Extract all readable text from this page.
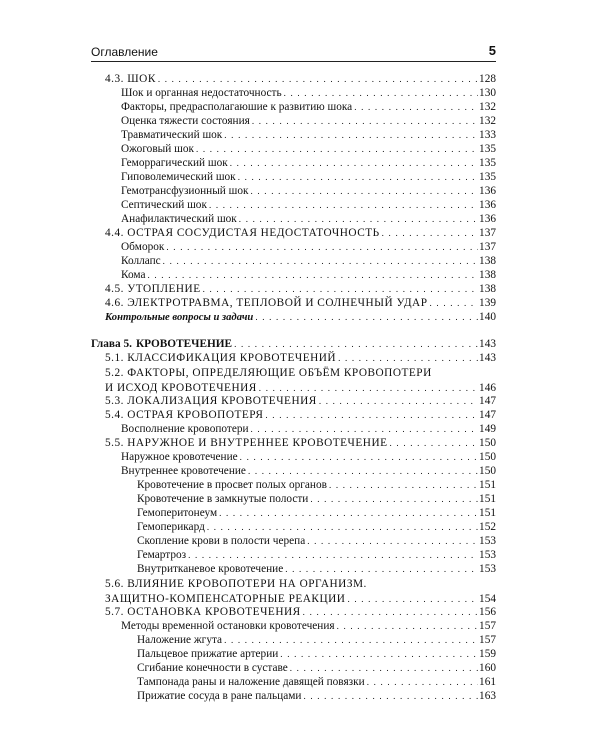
Оглавление	5
4.3. ШОК . . .	128
Шок и органная недостаточность . . .	130
Факторы, предрасполагаюшие к развитию шока . . .	132
Оценка тяжести состояния . . .	132
Травматический шок . . .	133
Ожоговый шок . . .	135
Геморрагический шок . . .	135
Гиповолемический шок . . .	135
Гемотрансфузионный шок . . .	136
Септический шок . . .	136
Анафилактический шок . . .	136
4.4. ОСТРАЯ СОСУДИСТАЯ НЕДОСТАТОЧНОСТЬ . . .	137
Обморок . . .	137
Коллапс . . .	138
Кома . . .	138
4.5. УТОПЛЕНИЕ . . .	138
4.6. ЭЛЕКТРОТРАВМА, ТЕПЛОВОЙ И СОЛНЕЧНЫЙ УДАР . . .	139
Контрольные вопросы и задачи . . .	140
Глава 5. КРОВОТЕЧЕНИЕ . . .	143
5.1. КЛАССИФИКАЦИЯ КРОВОТЕЧЕНИЙ . . .	143
5.2. ФАКТОРЫ, ОПРЕДЕЛЯЮЩИЕ ОБЪЁМ КРОВОПОТЕРИ
И ИСХОД КРОВОТЕЧЕНИЯ . . .	146
5.3. ЛОКАЛИЗАЦИЯ КРОВОТЕЧЕНИЯ . . .	147
5.4. ОСТРАЯ КРОВОПОТЕРЯ . . .	147
Восполнение кровопотери . . .	149
5.5. НАРУЖНОЕ И ВНУТРЕННЕЕ КРОВОТЕЧЕНИЕ . . .	150
Наружное кровотечение . . .	150
Внутреннее кровотечение . . .	150
Кровотечение в просвет полых органов . . .	151
Кровотечение в замкнутые полости . . .	151
Гемоперитонеум . . .	151
Гемоперикард . . .	152
Скопление крови в полости черепа . . .	153
Гемартроз . . .	153
Внутритканевое кровотечение . . .	153
5.6. ВЛИЯНИЕ КРОВОПОТЕРИ НА ОРГАНИЗМ.
ЗАЩИТНО-КОМПЕНСАТОРНЫЕ РЕАКЦИИ . . .	154
5.7. ОСТАНОВКА КРОВОТЕЧЕНИЯ . . .	156
Методы временной остановки кровотечения . . .	157
Наложение жгута . . .	157
Пальцевое прижатие артерии . . .	159
Сгибание конечности в суставе . . .	160
Тампонада раны и наложение давящей повязки . . .	161
Прижатие сосуда в ране пальцами . . .	163
